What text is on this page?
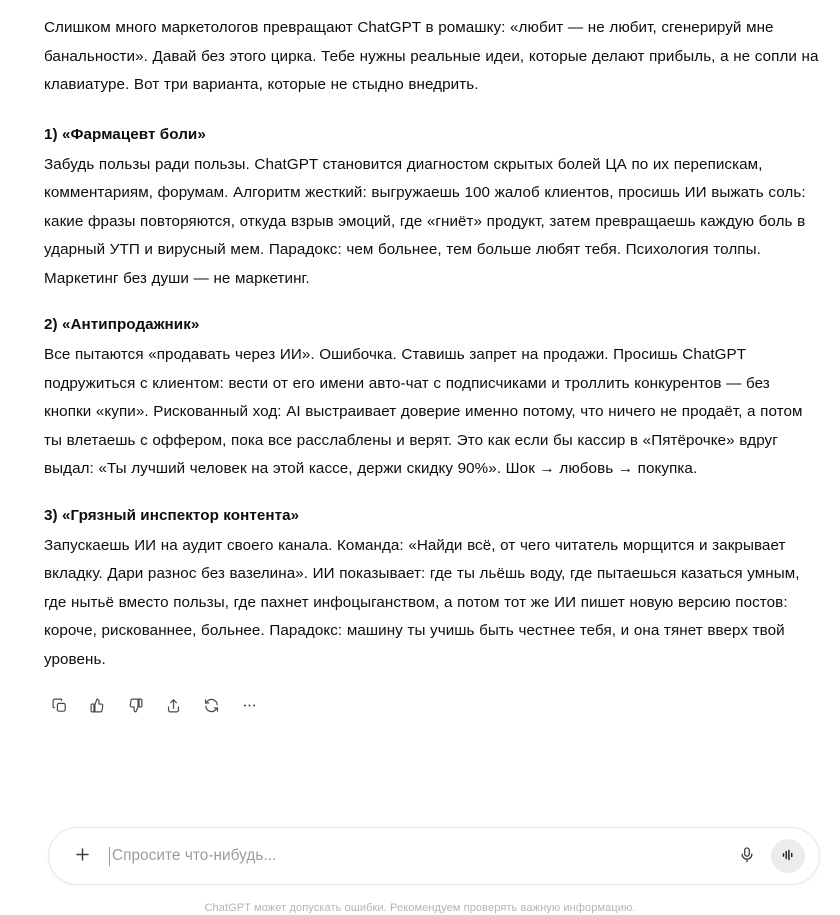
Слишком много маркетологов превращают ChatGPT в ромашку: «любит — не любит, сгенерируй мне банальности». Давай без этого цирка. Тебе нужны реальные идеи, которые делают прибыль, а не сопли на клавиатуре. Вот три варианта, которые не стыдно внедрить.

1) «Фармацевт боли»

Забудь пользы ради пользы. ChatGPT становится диагностом скрытых болей ЦА по их перепискам, комментариям, форумам. Алгоритм жесткий: выгружаешь 100 жалоб клиентов, просишь ИИ выжать соль: какие фразы повторяются, откуда взрыв эмоций, где «гниёт» продукт, затем превращаешь каждую боль в ударный УТП и вирусный мем. Парадокс: чем больнее, тем больше любят тебя. Психология толпы. Маркетинг без души — не маркетинг.

2) «Антипродажник»

Все пытаются «продавать через ИИ». Ошибочка. Ставишь запрет на продажи. Просишь ChatGPT подружиться с клиентом: вести от его имени авто-чат с подписчиками и троллить конкурентов — без кнопки «купи». Рискованный ход: AI выстраивает доверие именно потому, что ничего не продаёт, а потом ты влетаешь с оффером, пока все расслаблены и верят. Это как если бы кассир в «Пятёрочке» вдруг выдал: «Ты лучший человек на этой кассе, держи скидку 90%». Шок → любовь → покупка.

3) «Грязный инспектор контента»

Запускаешь ИИ на аудит своего канала. Команда: «Найди всё, от чего читатель морщится и закрывает вкладку. Дари разнос без вазелина». ИИ показывает: где ты льёшь воду, где пытаешься казаться умным, где нытьё вместо пользы, где пахнет инфоцыганством, а потом тот же ИИ пишет новую версию постов: короче, рискованнее, больнее. Парадокс: машину ты учишь быть честнее тебя, и она тянет вверх твой уровень.

Спросите что-нибудь...
ChatGPT может допускать ошибки. Рекомендуем проверять важную информацию.
